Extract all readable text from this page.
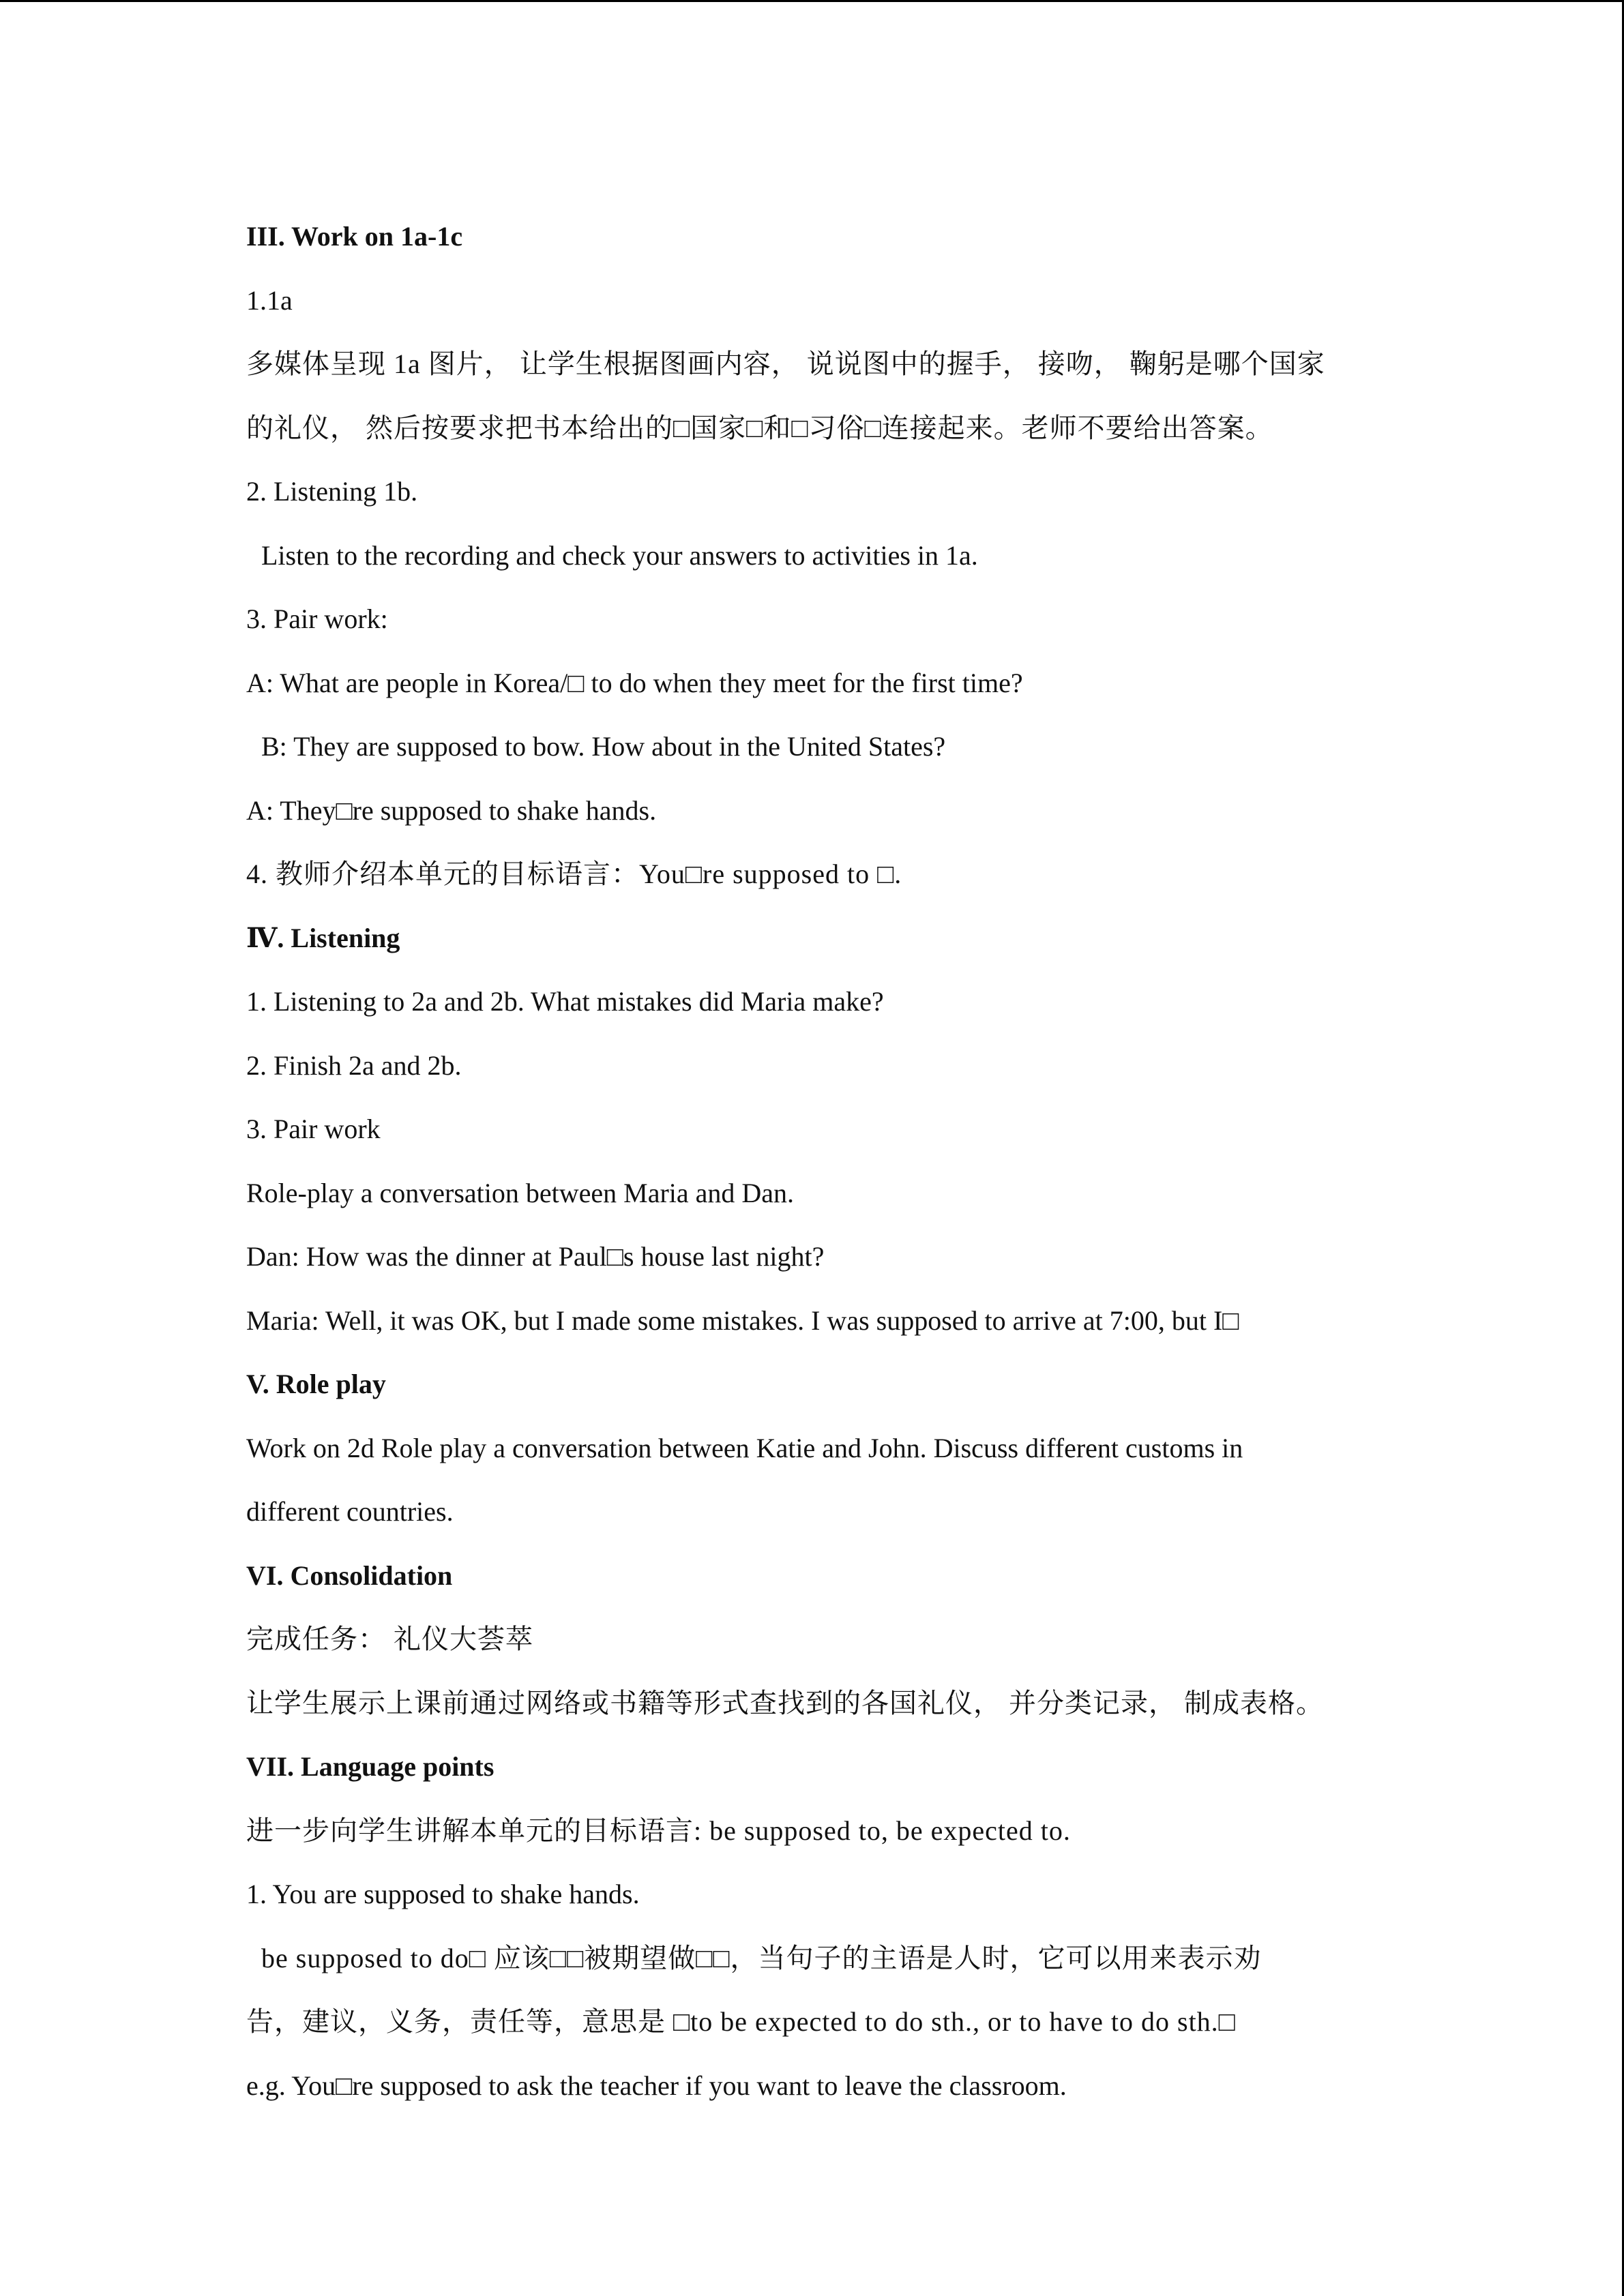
III. Work on 1a-1c
1.1a
多媒体呈现 1a 图片， 让学生根据图画内容， 说说图中的握手， 接吻， 鞠躬是哪个国家
的礼仪， 然后按要求把书本给出的□国家□和□习俗□连接起来。老师不要给出答案。
2. Listening 1b.
Listen to the recording and check your answers to activities in 1a.
3. Pair work:
A: What are people in Korea/□ to do when they meet for the first time?
B: They are supposed to bow. How about in the United States?
A: They□re supposed to shake hands.
4. 教师介绍本单元的目标语言：You□re supposed to □.
Ⅳ. Listening
1. Listening to 2a and 2b. What mistakes did Maria make?
2. Finish 2a and 2b.
3. Pair work
Role-play a conversation between Maria and Dan.
Dan: How was the dinner at Paul□s house last night?
Maria: Well, it was OK, but I made some mistakes. I was supposed to arrive at 7:00, but I□
V. Role play
Work on 2d Role play a conversation between Katie and John. Discuss different customs in
different countries.
VI. Consolidation
完成任务： 礼仪大荟萃
让学生展示上课前通过网络或书籍等形式查找到的各国礼仪， 并分类记录， 制成表格。
VII. Language points
进一步向学生讲解本单元的目标语言: be supposed to, be expected to.
1. You are supposed to shake hands.
be supposed to do□ 应该□□被期望做□□，当句子的主语是人时，它可以用来表示劝
告，建议，义务，责任等，意思是 □to be expected to do sth., or to have to do sth.□
e.g. You□re supposed to ask the teacher if you want to leave the classroom.
